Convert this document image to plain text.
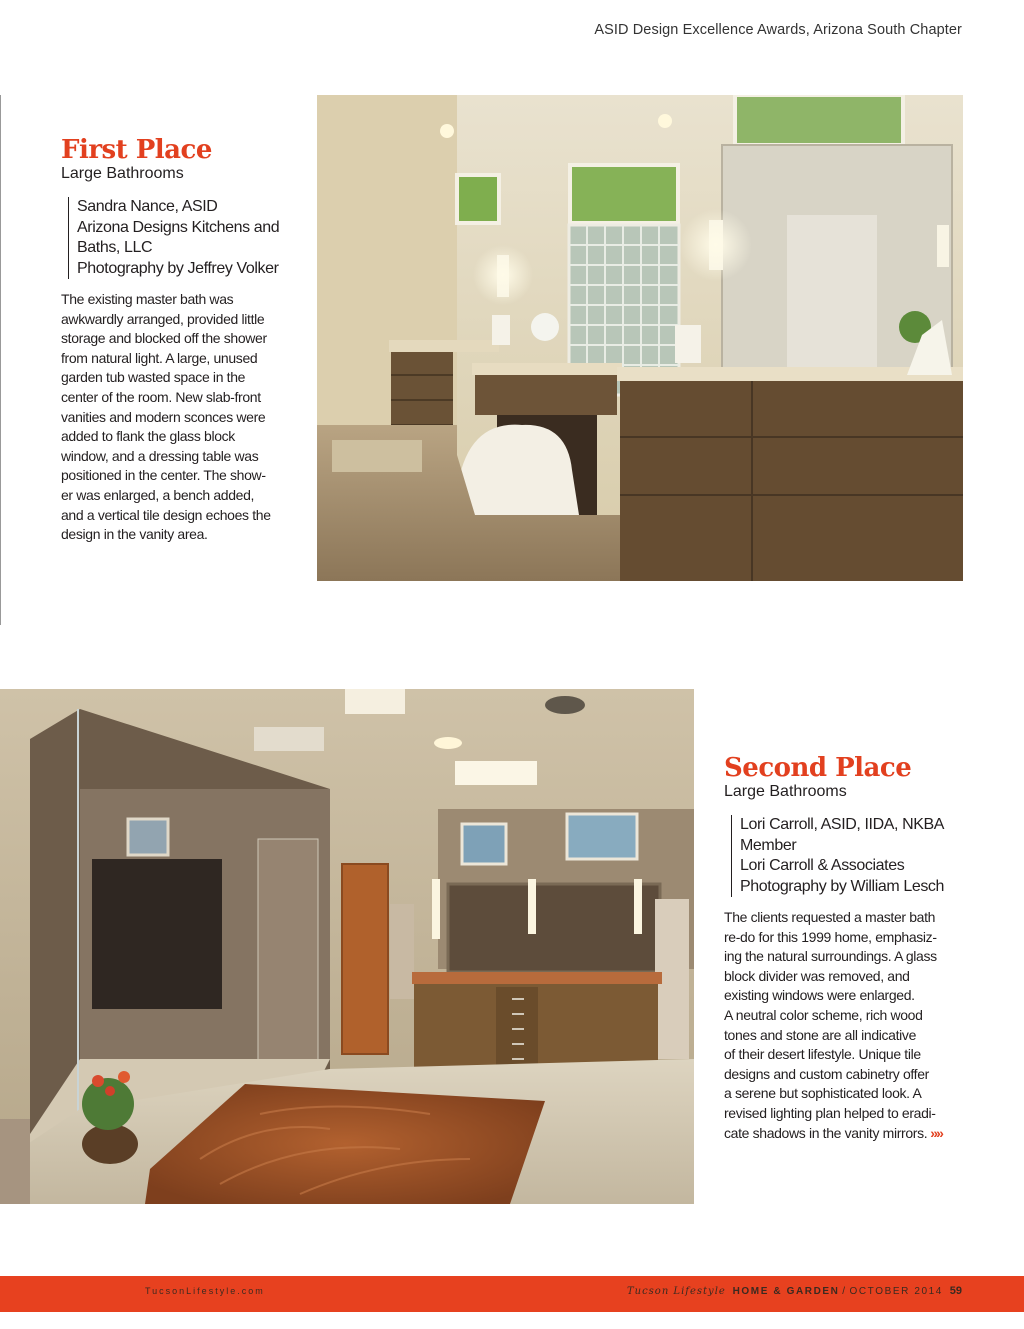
ASID Design Excellence Awards, Arizona South Chapter
First Place
Large Bathrooms
Sandra Nance, ASID
Arizona Designs Kitchens and
Baths, LLC
Photography by Jeffrey Volker
The existing master bath was
awkwardly arranged, provided little
storage and blocked off the shower
from natural light. A large, unused
garden tub wasted space in the
center of the room. New slab-front
vanities and modern sconces were
added to flank the glass block
window, and a dressing table was
positioned in the center. The show-
er was enlarged, a bench added,
and a vertical tile design echoes the
design in the vanity area.
Second Place
Large Bathrooms
Lori Carroll, ASID, IIDA, NKBA
Member
Lori Carroll & Associates
Photography by William Lesch
The clients requested a master bath
re-do for this 1999 home, emphasiz-
ing the natural surroundings. A glass
block divider was removed, and
existing windows were enlarged.
A neutral color scheme, rich wood
tones and stone are all indicative
of their desert lifestyle. Unique tile
designs and custom cabinetry offer
a serene but sophisticated look. A
revised lighting plan helped to eradi-
cate shadows in the vanity mirrors. »»
TucsonLifestyle.com	Tucson Lifestyle HOME & GARDEN / OCTOBER 2014 59
